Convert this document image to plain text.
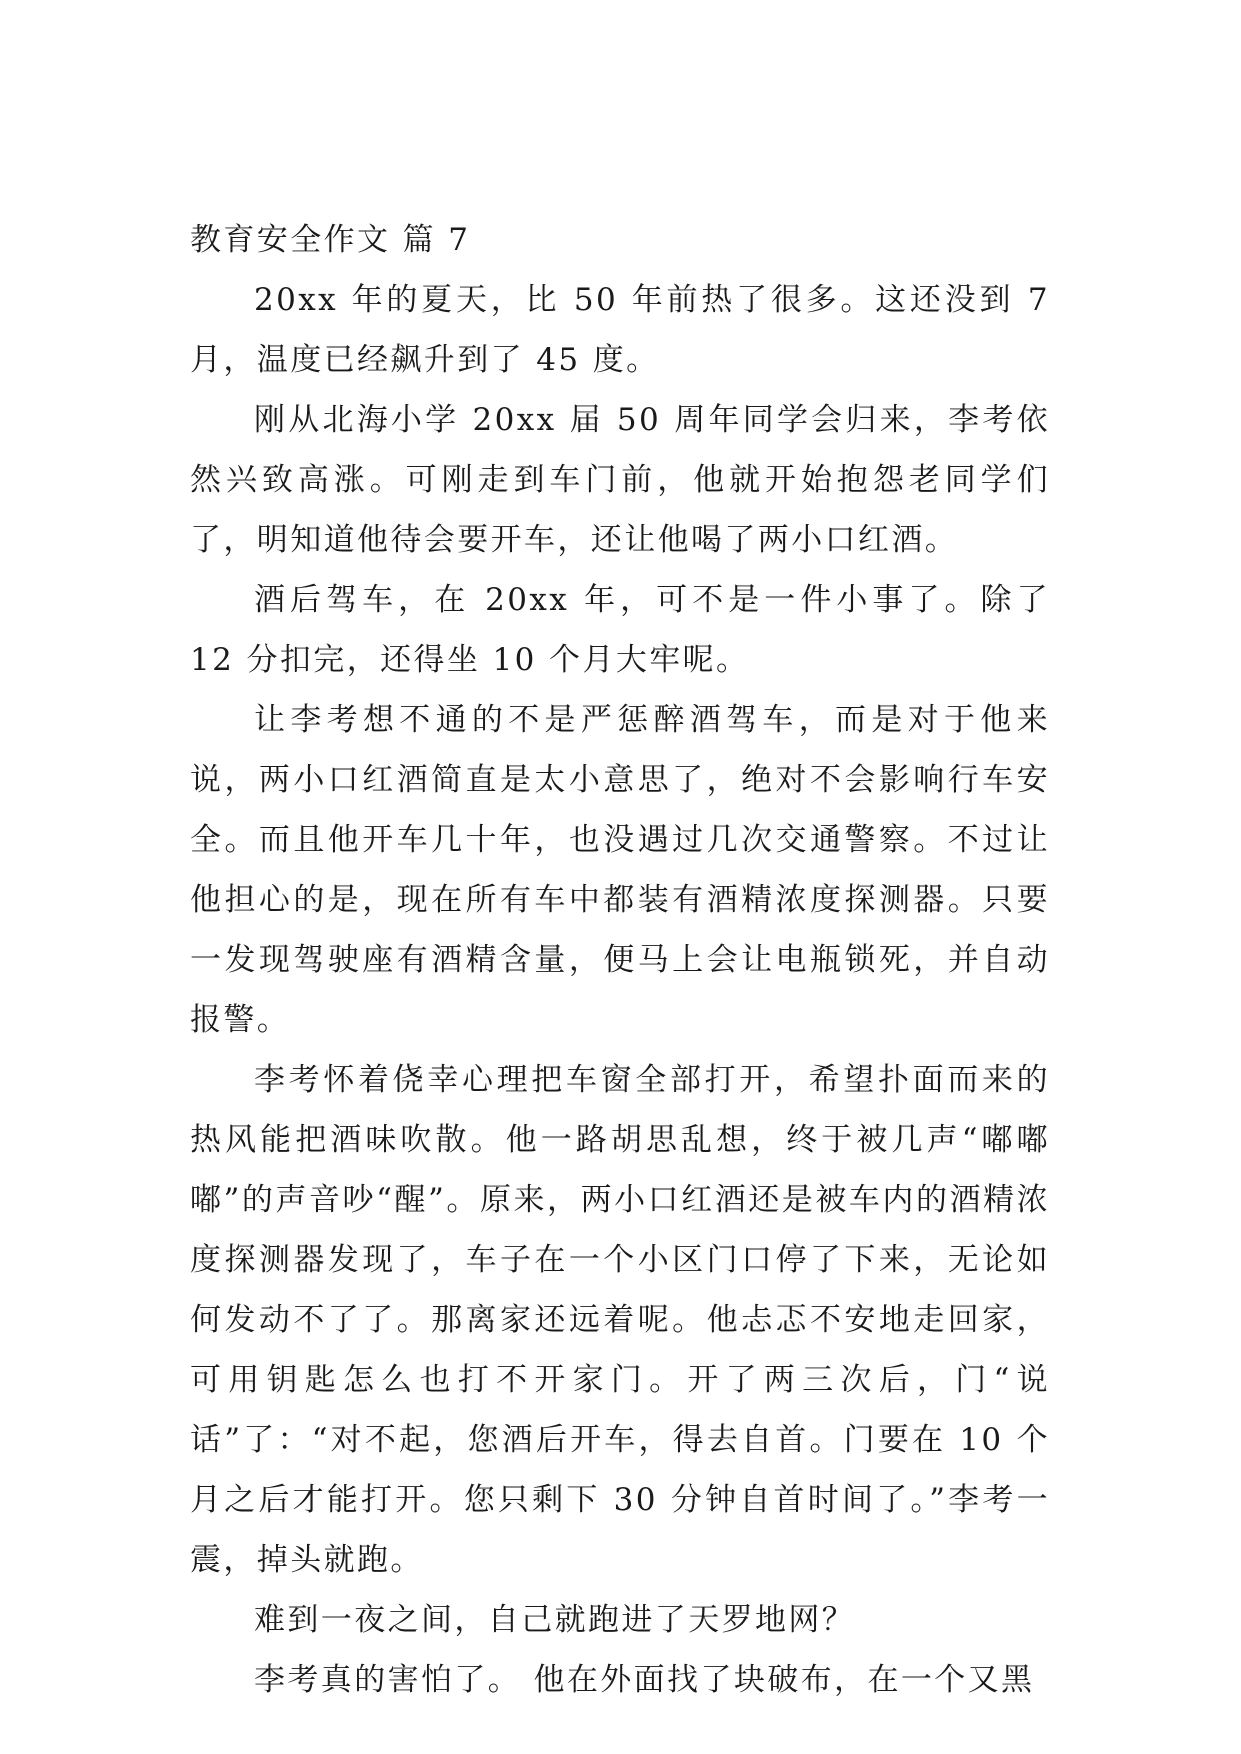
教育安全作文 篇 7

20xx 年的夏天，比 50 年前热了很多。这还没到 7 月，温度已经飙升到了 45 度。

刚从北海小学 20xx 届 50 周年同学会归来，李考依然兴致高涨。可刚走到车门前，他就开始抱怨老同学们了，明知道他待会要开车，还让他喝了两小口红酒。

酒后驾车，在 20xx 年，可不是一件小事了。除了 12 分扣完，还得坐 10 个月大牢呢。

让李考想不通的不是严惩醉酒驾车，而是对于他来说，两小口红酒简直是太小意思了，绝对不会影响行车安全。而且他开车几十年，也没遇过几次交通警察。不过让他担心的是，现在所有车中都装有酒精浓度探测器。只要一发现驾驶座有酒精含量，便马上会让电瓶锁死，并自动报警。

李考怀着侥幸心理把车窗全部打开，希望扑面而来的热风能把酒味吹散。他一路胡思乱想，终于被几声“嘟嘟嘟”的声音吵“醒”。原来，两小口红酒还是被车内的酒精浓度探测器发现了，车子在一个小区门口停了下来，无论如何发动不了了。那离家还远着呢。他忐忑不安地走回家，可用钥匙怎么也打不开家门。开了两三次后，门“说话”了：“对不起，您酒后开车，得去自首。门要在 10 个月之后才能打开。您只剩下 30 分钟自首时间了。”李考一震，掉头就跑。

难到一夜之间，自己就跑进了天罗地网？

李考真的害怕了。 他在外面找了块破布，在一个又黑
